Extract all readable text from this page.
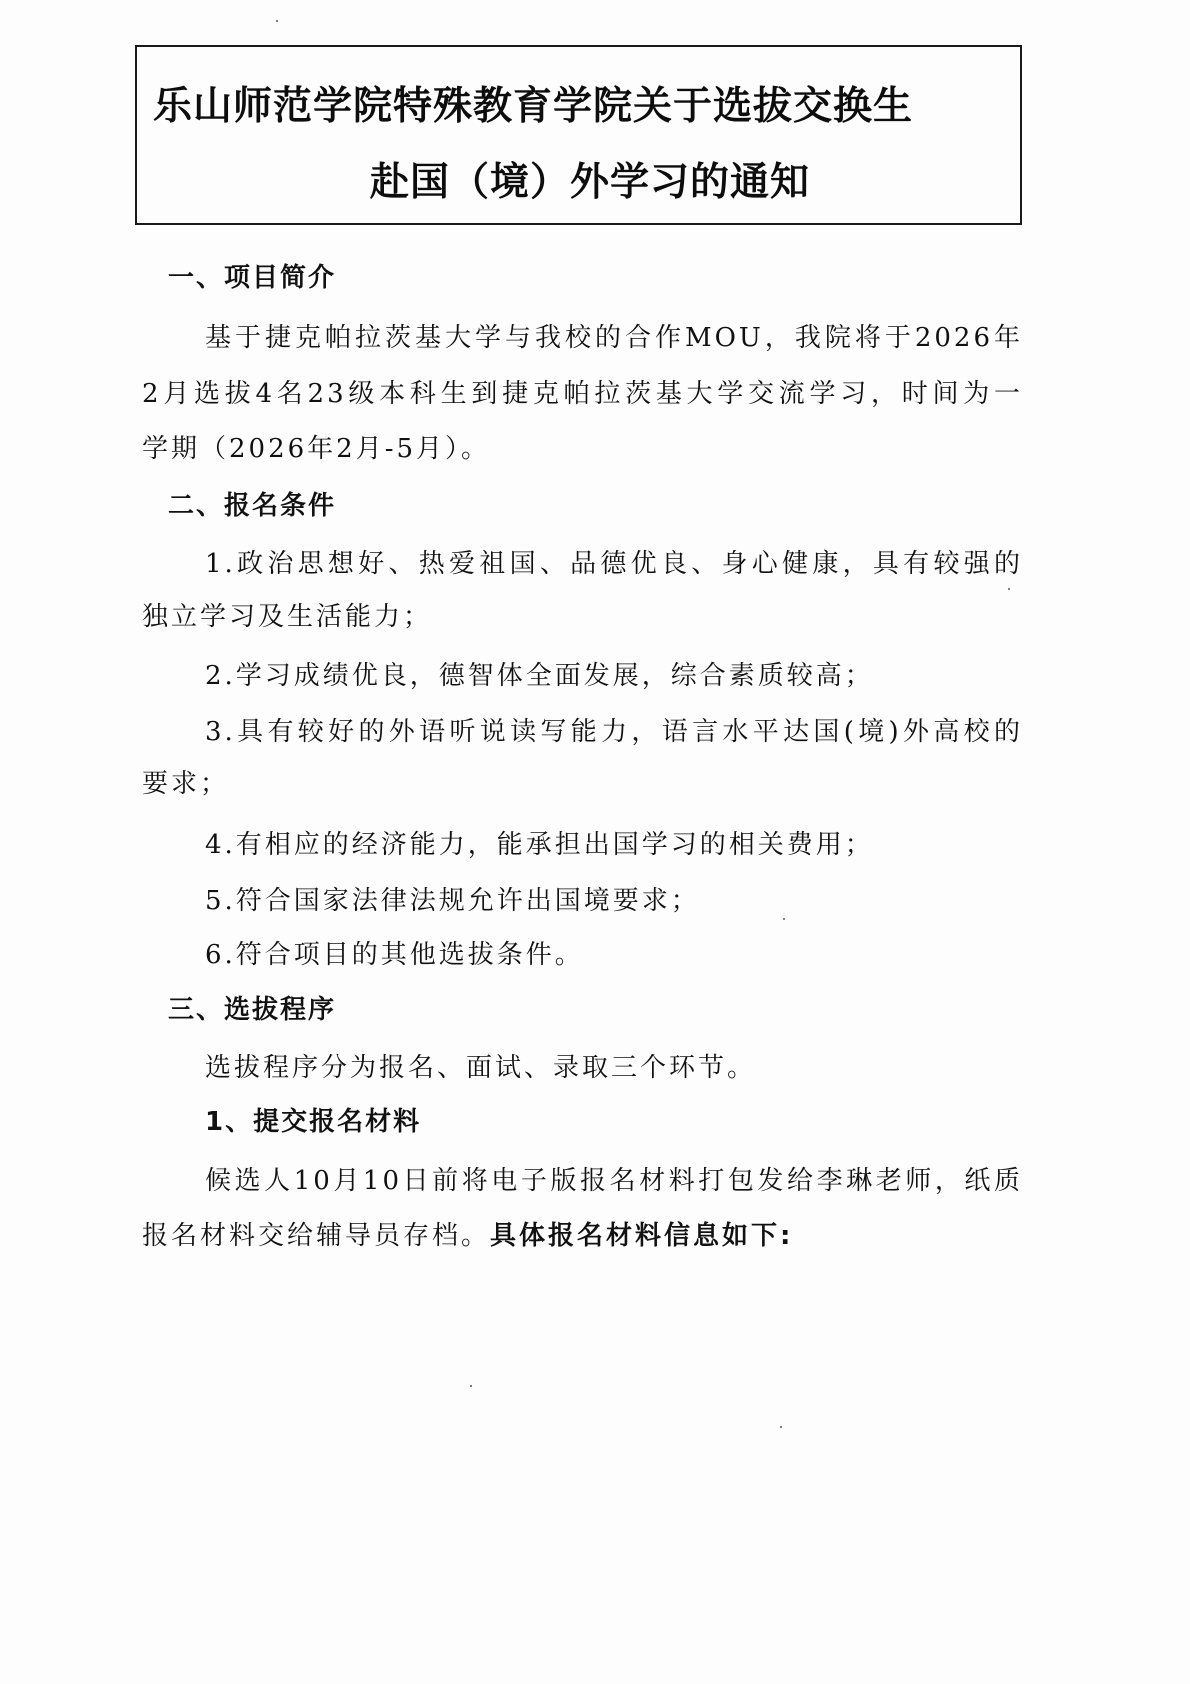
乐山师范学院特殊教育学院关于选拔交换生
赴国（境）外学习的通知
一、项目简介
基于捷克帕拉茨基大学与我校的合作MOU，我院将于2026年
2月选拔4名23级本科生到捷克帕拉茨基大学交流学习，时间为一
学期（2026年2月-5月）。
二、报名条件
1.政治思想好、热爱祖国、品德优良、身心健康，具有较强的
独立学习及生活能力；
2.学习成绩优良，德智体全面发展，综合素质较高；
3.具有较好的外语听说读写能力，语言水平达国(境)外高校的
要求；
4.有相应的经济能力，能承担出国学习的相关费用；
5.符合国家法律法规允许出国境要求；
6.符合项目的其他选拔条件。
三、选拔程序
选拔程序分为报名、面试、录取三个环节。
1、提交报名材料
候选人10月10日前将电子版报名材料打包发给李琳老师，纸质
报名材料交给辅导员存档。具体报名材料信息如下:
